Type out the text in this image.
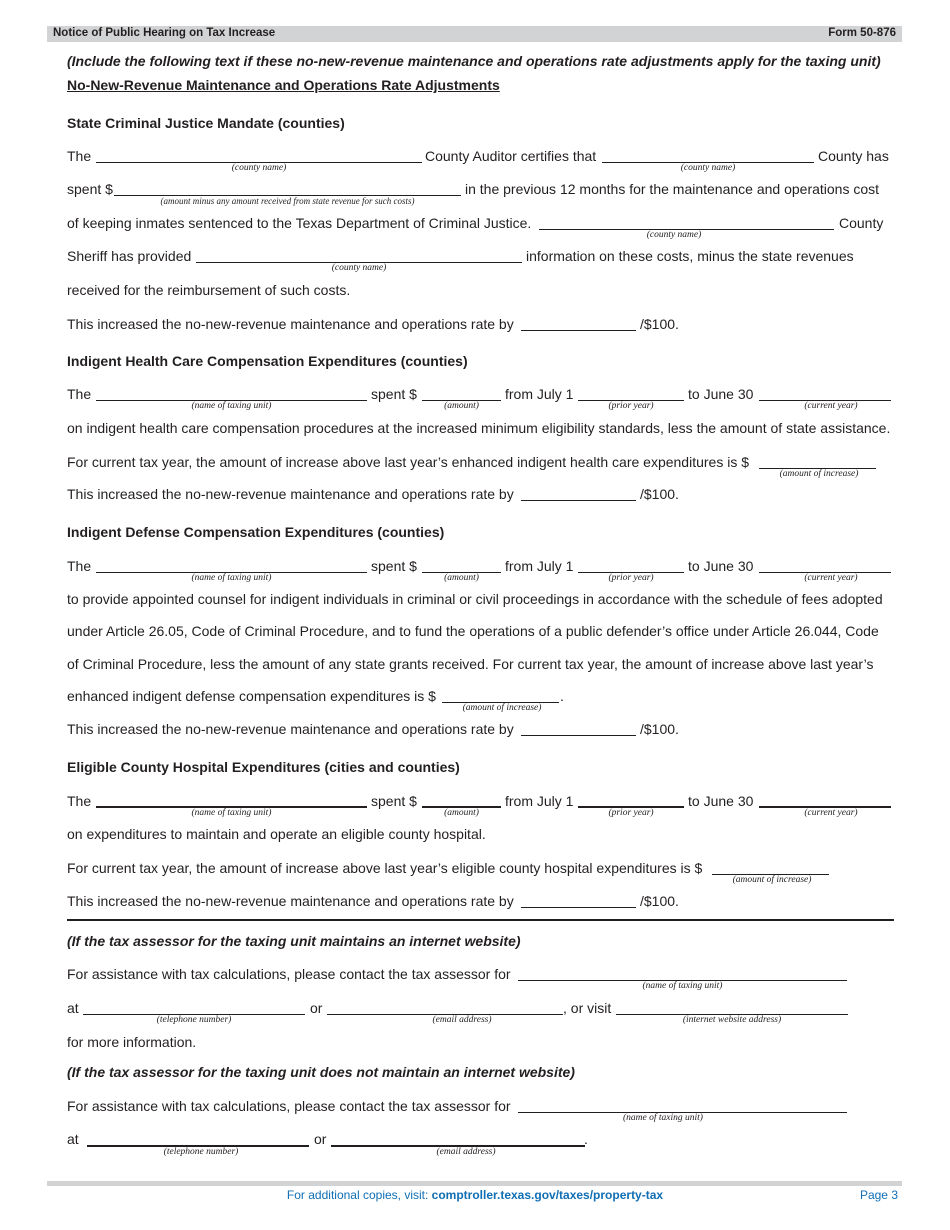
Notice of Public Hearing on Tax Increase	Form 50-876
(Include the following text if these no-new-revenue maintenance and operations rate adjustments apply for the taxing unit)
No-New-Revenue Maintenance and Operations Rate Adjustments
State Criminal Justice Mandate (counties)
The
(county name)
County Auditor certifies that
(county name)
County has
spent $
(amount minus any amount received from state revenue for such costs)
in the previous 12 months for the maintenance and operations cost
of keeping inmates sentenced to the Texas Department of Criminal Justice.
(county name)
County
Sheriff has provided
(county name)
information on these costs, minus the state revenues
received for the reimbursement of such costs.
This increased the no-new-revenue maintenance and operations rate by	/$100.
Indigent Health Care Compensation Expenditures (counties)
The
(name of taxing unit)
spent $
(amount)
from July 1
(prior year)
to June 30
(current year)
on indigent health care compensation procedures at the increased minimum eligibility standards, less the amount of state assistance.
For current tax year, the amount of increase above last year’s enhanced indigent health care expenditures is $
(amount of increase)
This increased the no-new-revenue maintenance and operations rate by	/$100.
Indigent Defense Compensation Expenditures (counties)
The
(name of taxing unit)
spent $
(amount)
from July 1
(prior year)
to June 30
(current year)
to provide appointed counsel for indigent individuals in criminal or civil proceedings in accordance with the schedule of fees adopted
under Article 26.05, Code of Criminal Procedure, and to fund the operations of a public defender’s office under Article 26.044, Code
of Criminal Procedure, less the amount of any state grants received. For current tax year, the amount of increase above last year’s
enhanced indigent defense compensation expenditures is $
(amount of increase)
.
This increased the no-new-revenue maintenance and operations rate by	/$100.
Eligible County Hospital Expenditures (cities and counties)
The
(name of taxing unit)
spent $
(amount)
from July 1
(prior year)
to June 30
(current year)
on expenditures to maintain and operate an eligible county hospital.
For current tax year, the amount of increase above last year’s eligible county hospital expenditures is $
(amount of increase)
This increased the no-new-revenue maintenance and operations rate by	/$100.
(If the tax assessor for the taxing unit maintains an internet website)
For assistance with tax calculations, please contact the tax assessor for
(name of taxing unit)
at
(telephone number)
or
(email address)
, or visit
(internet website address)
for more information.
(If the tax assessor for the taxing unit does not maintain an internet website)
For assistance with tax calculations, please contact the tax assessor for
(name of taxing unit)
at
(telephone number)
or
(email address)
.
For additional copies, visit: comptroller.texas.gov/taxes/property-tax	Page 3
